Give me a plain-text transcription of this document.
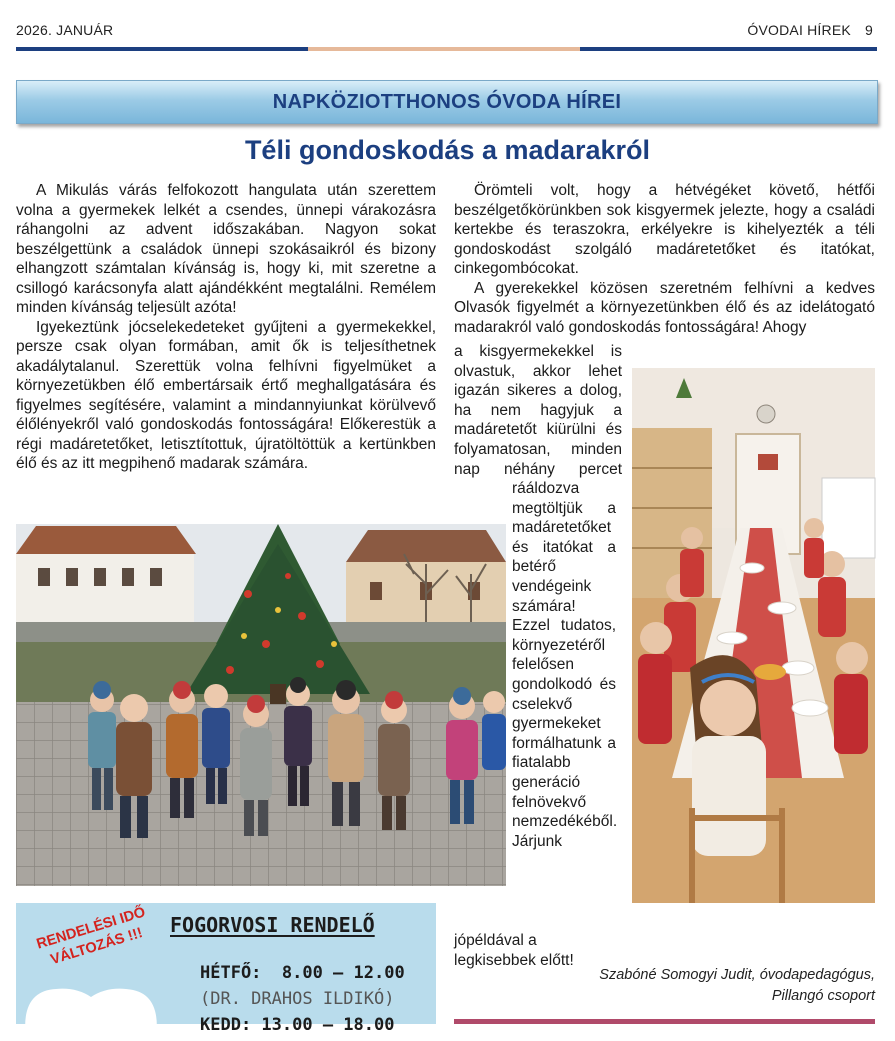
2026. JANUÁR	ÓVODAI HÍREK 9
NAPKÖZIOTTHONOS ÓVODA HÍREI
Téli gondoskodás a madarakról

A Mikulás várás felfokozott hangulata után szerettem volna a gyermekek lelkét a csendes, ünnepi várakozásra ráhangolni az advent időszakában. Nagyon sokat beszélgettünk a családok ünnepi szokásaikról és bizony elhangzott számtalan kívánság is, hogy ki, mit szeretne a csillogó karácsonyfa alatt ajándékként megtalálni. Remélem minden kívánság teljesült azóta!

Igyekeztünk jócselekedeteket gyűjteni a gyermekekkel, persze csak olyan formában, amit ők is teljesíthetnek akadálytalanul. Szerettük volna felhívni figyelmüket a környezetükben élő embertársaik értő meghallgatására és figyelmes segítésére, valamint a mindannyiunkat körülvevő élőlényekről való gondoskodás fontosságára! Előkerestük a régi madáretetőket, letisztítottuk, újratöltöttük a kertünkben élő és az itt megpihenő madarak számára.

Örömteli volt, hogy a hétvégéket követő, hétfői beszélgetőkörünkben sok kisgyermek jelezte, hogy a családi kertekbe és teraszokra, erkélyekre is kihelyezték a téli gondoskodást szolgáló madáretetőket és itatókat, cinkegombócokat.

A gyerekekkel közösen szeretném felhívni a kedves Olvasók figyelmét a környezetünkben élő és az idelátogató madarakról való gondoskodás fontosságára! Ahogy

a kisgyermekekkel is olvastuk, akkor lehet igazán sikeres a dolog, ha nem hagyjuk a madáretetőt kiürülni és folyamatosan, minden nap néhány percet
rááldozva megtöltjük a madáretetőket és itatókat a betérő vendégeink számára! Ezzel tudatos, környezetéről felelősen gondolkodó és cselekvő gyermekeket formálhatunk a fiatalabb generáció felnövekvő nemzedékéből. Járjunk
jópéldával a legkisebbek előtt!
Szabóné Somogyi Judit, óvodapedagógus,
Pillangó csoport
RENDELÉSI IDŐ VÁLTOZÁS !!!
FOGORVOSI RENDELŐ
HÉTFŐ:  8.00 – 12.00
(DR. DRAHOS ILDIKÓ)
KEDD: 13.00 – 18.00
